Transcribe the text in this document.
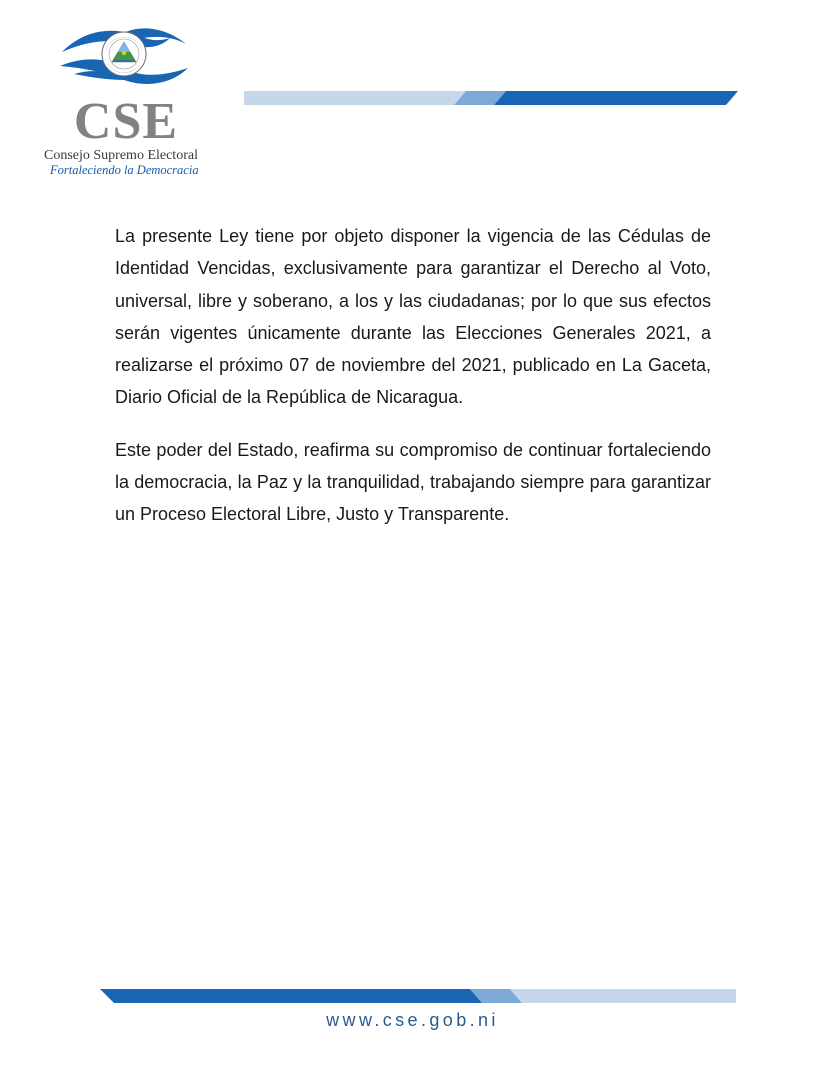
CSE
Consejo Supremo Electoral
Fortaleciendo la Democracia

La presente Ley tiene por objeto disponer la vigencia de las Cédulas de Identidad Vencidas, exclusivamente para garantizar el Derecho al Voto, universal, libre y soberano, a los y las ciudadanas; por lo que sus efectos serán vigentes únicamente durante las Elecciones Generales 2021, a realizarse el próximo 07 de noviembre del 2021, publicado en La Gaceta, Diario Oficial de la República de Nicaragua.

Este poder del Estado, reafirma su compromiso de continuar fortaleciendo la democracia, la Paz y la tranquilidad, trabajando siempre para garantizar un Proceso Electoral Libre, Justo y Transparente.

www.cse.gob.ni
